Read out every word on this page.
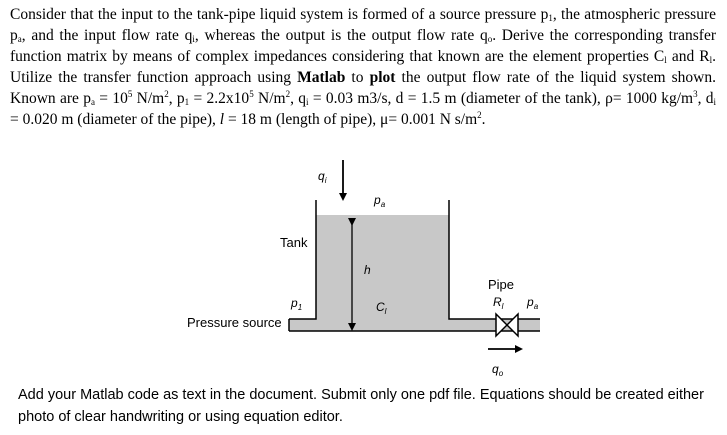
Consider that the input to the tank-pipe liquid system is formed of a source pressure $p_1$, the atmospheric pressure $p_a$, and the input flow rate $q_i$, whereas the output is the output flow rate $q_o$. Derive the corresponding transfer function matrix by means of complex impedances considering that known are the element properties $C_l$ and $R_l$. Utilize the transfer function approach using Matlab to plot the output flow rate of the liquid system shown. Known are $p_a = 10^5$ $N/m^2$, $p_1 = 2.2x10^5$ $N/m^2$, $q_i = 0.03$ m3/s, d = 1.5 m (diameter of the tank), ρ= 1000 $kg/m^3$, $d_i = 0.020$ m (diameter of the pipe), l = 18 m (length of pipe), μ= 0.001 N $s/m^2$.
$q_i$
$p_a$
Tank
h
Pipe
$R_l$ $p_a$
$p_1$	$C_l$
Pressure source
$q_o$
Add your Matlab code as text in the document. Submit only one pdf file. Equations should be created either photo of clear handwriting or using equation editor.
